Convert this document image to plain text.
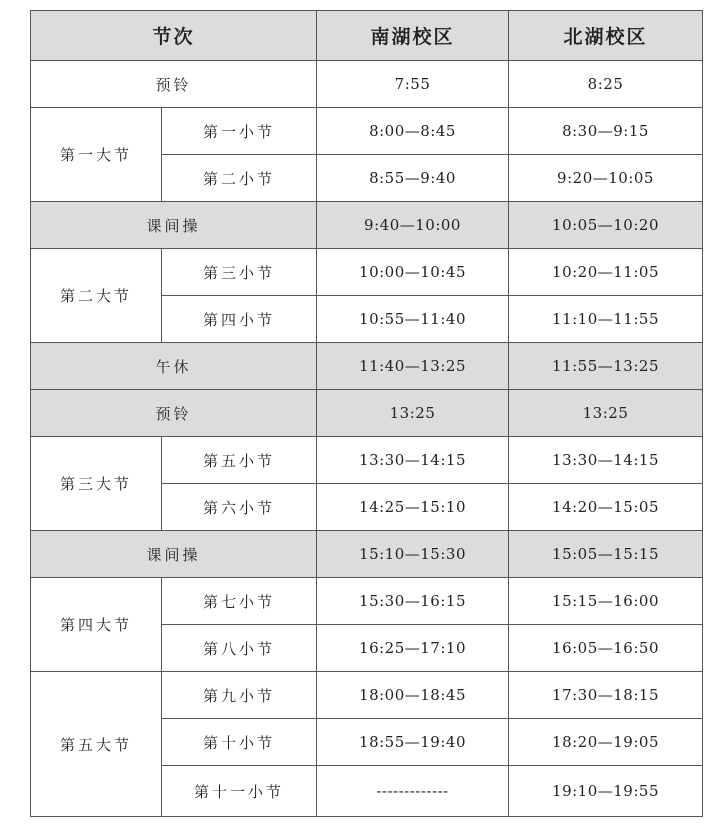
节次		南湖校区	北湖校区
预铃		7:55	8:25
第一大节	第一小节	8:00—8:45	8:30—9:15
	第二小节	8:55—9:40	9:20—10:05
课间操		9:40—10:00	10:05—10:20
第二大节	第三小节	10:00—10:45	10:20—11:05
	第四小节	10:55—11:40	11:10—11:55
午休		11:40—13:25	11:55—13:25
预铃		13:25	13:25
第三大节	第五小节	13:30—14:15	13:30—14:15
	第六小节	14:25—15:10	14:20—15:05
课间操		15:10—15:30	15:05—15:15
第四大节	第七小节	15:30—16:15	15:15—16:00
	第八小节	16:25—17:10	16:05—16:50
第五大节	第九小节	18:00—18:45	17:30—18:15
	第十小节	18:55—19:40	18:20—19:05
	第十一小节	-------------	19:10—19:55
